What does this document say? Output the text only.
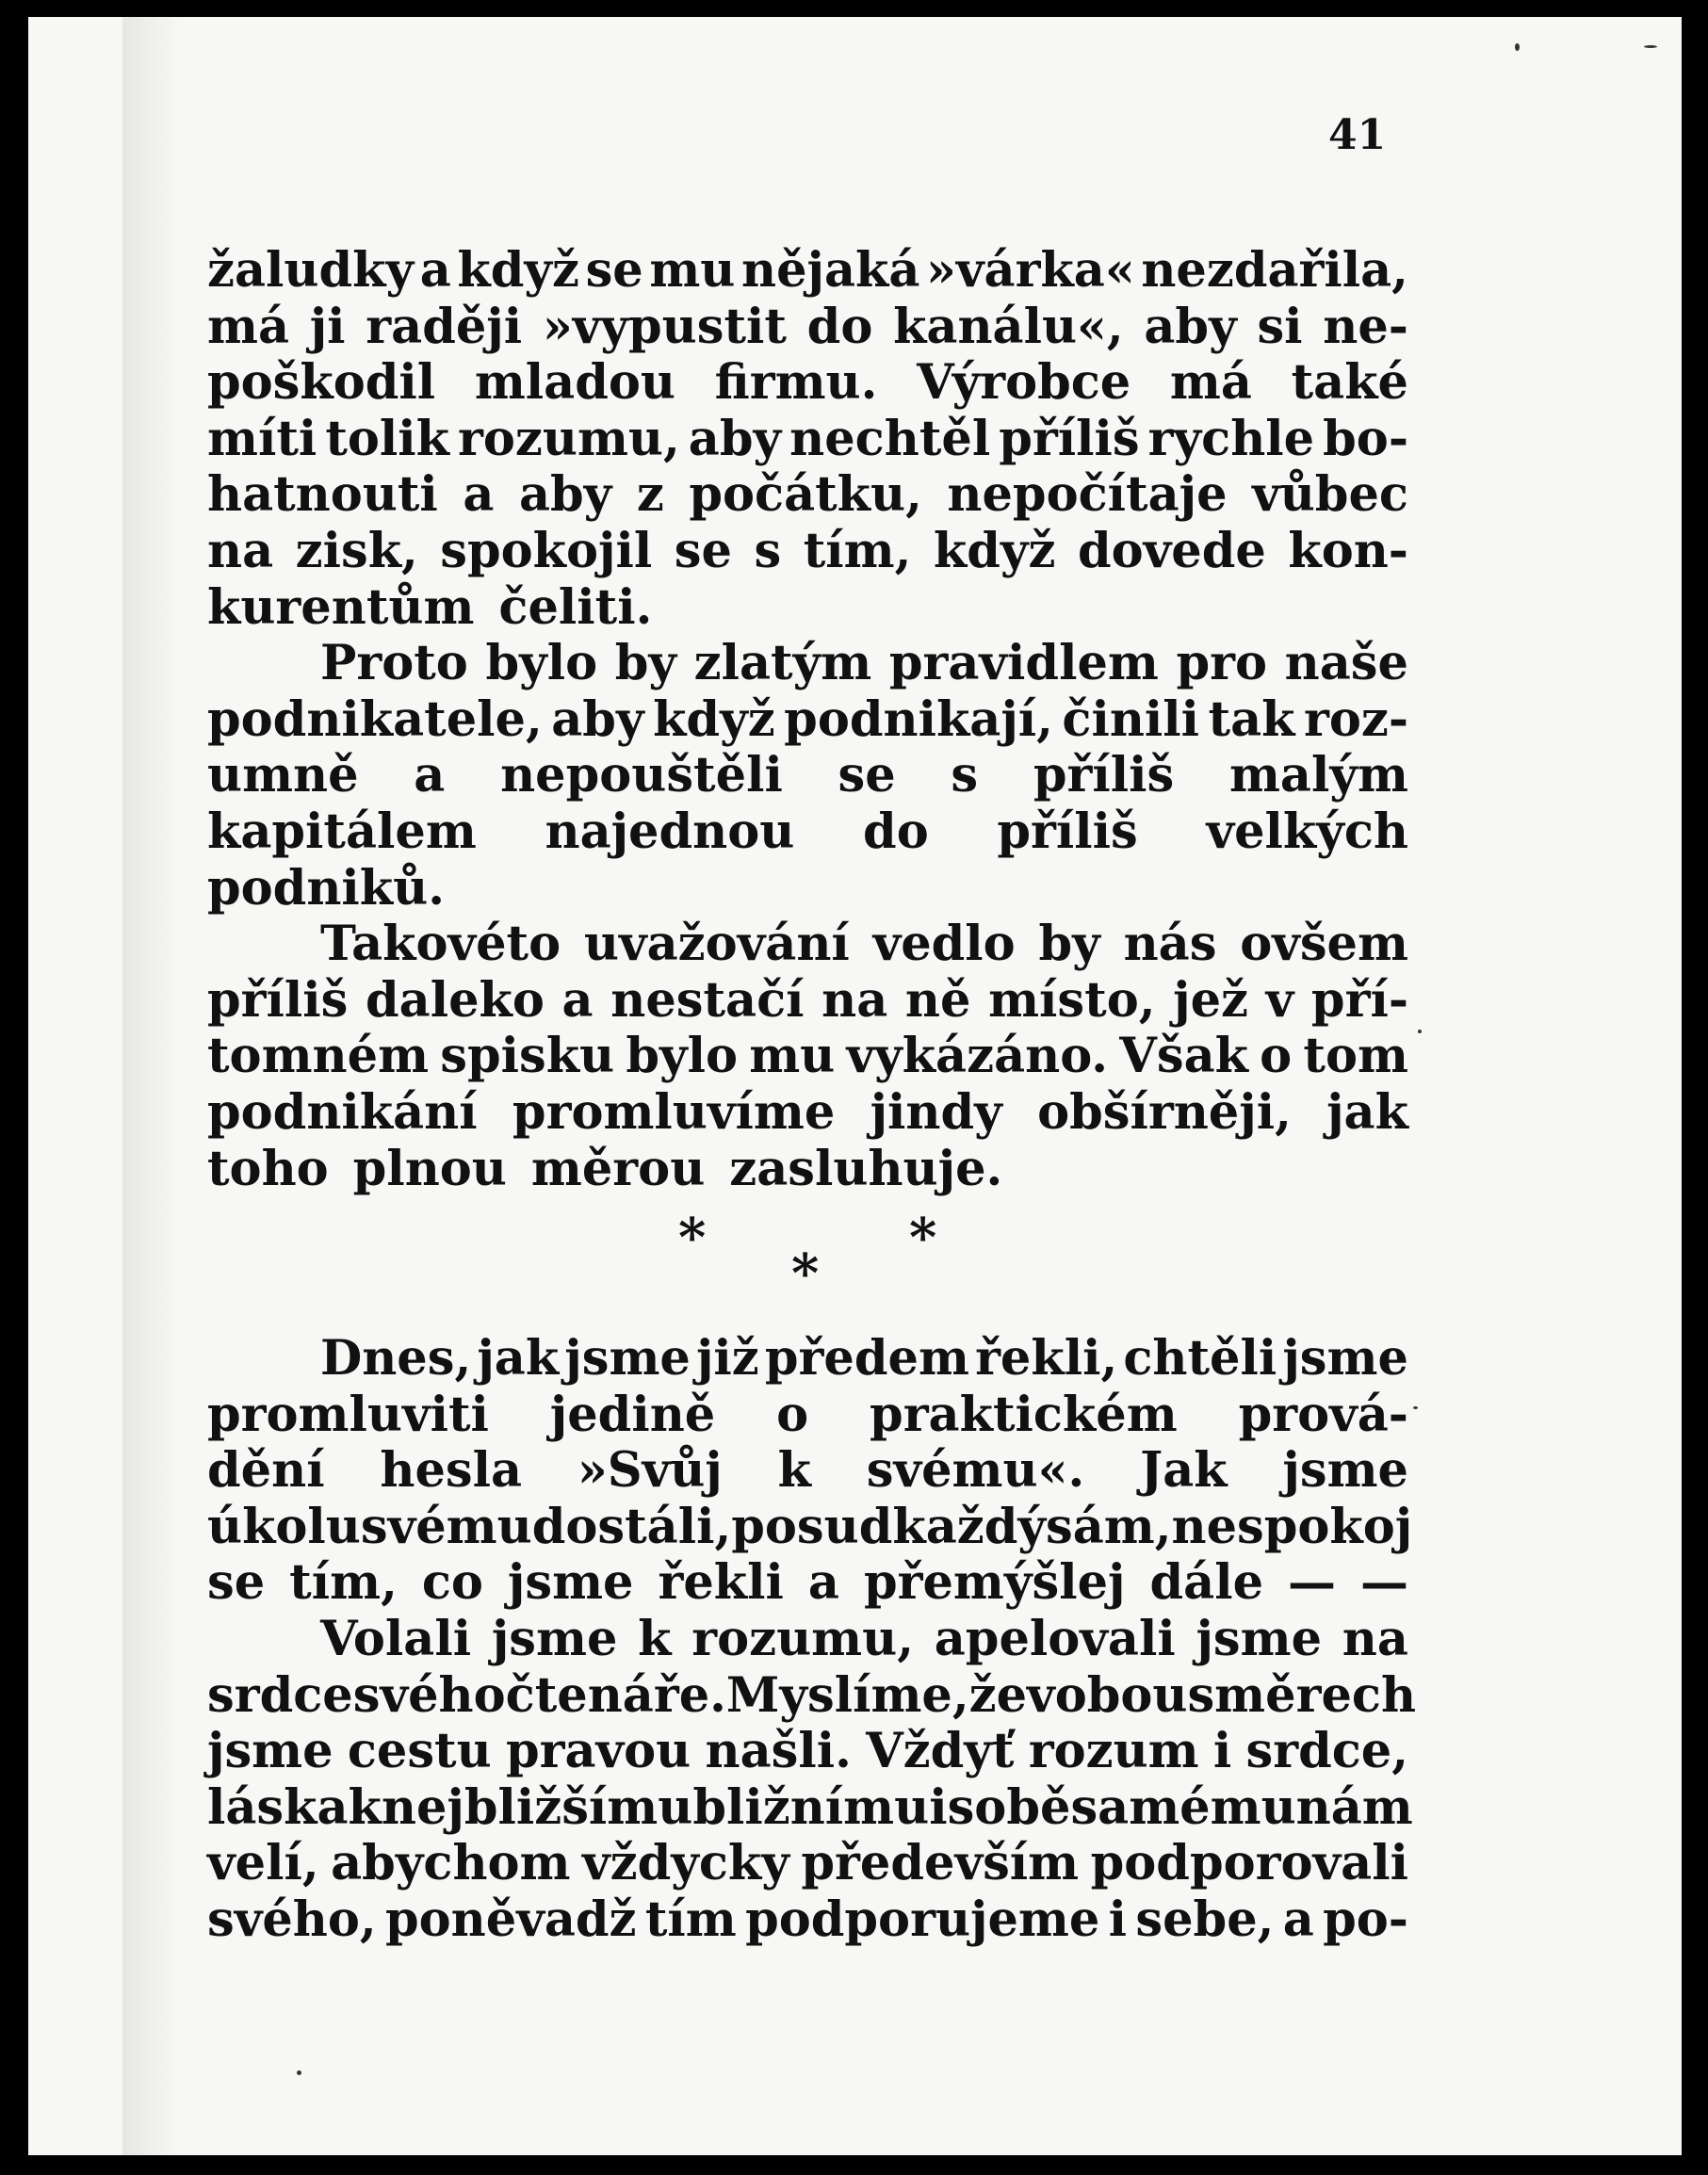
41
žaludky a když se mu nějaká »várka« nezdařila,
má ji raději »vypustit do kanálu«, aby si ne-
poškodil mladou firmu. Výrobce má také
míti tolik rozumu, aby nechtěl příliš rychle bo-
hatnouti a aby z počátku, nepočítaje vůbec
na zisk, spokojil se s tím, když dovede kon-
kurentům čeliti.
Proto bylo by zlatým pravidlem pro naše
podnikatele, aby když podnikají, činili tak roz-
umně a nepouštěli se s příliš malým
kapitálem najednou do příliš velkých
podniků.
Takovéto uvažování vedlo by nás ovšem
příliš daleko a nestačí na ně místo, jež v pří-
tomném spisku bylo mu vykázáno. Však o tom
podnikání promluvíme jindy obšírněji, jak
toho plnou měrou zasluhuje.
*	*
*
Dnes, jak jsme již předem řekli, chtěli jsme
promluviti jedině o praktickém prová-
dění hesla »Svůj k svému«. Jak jsme
úkolu svému dostáli, posud každý sám, nespokoj
se tím, co jsme řekli a přemýšlej dále — —
Volali jsme k rozumu, apelovali jsme na
srdce svého čtenáře. Myslíme, že v obou směrech
jsme cestu pravou našli. Vždyť rozum i srdce,
láska k nejbližšímu bližnímu i sobě samému nám
velí, abychom vždycky především podporovali
svého, poněvadž tím podporujeme i sebe, a po-
